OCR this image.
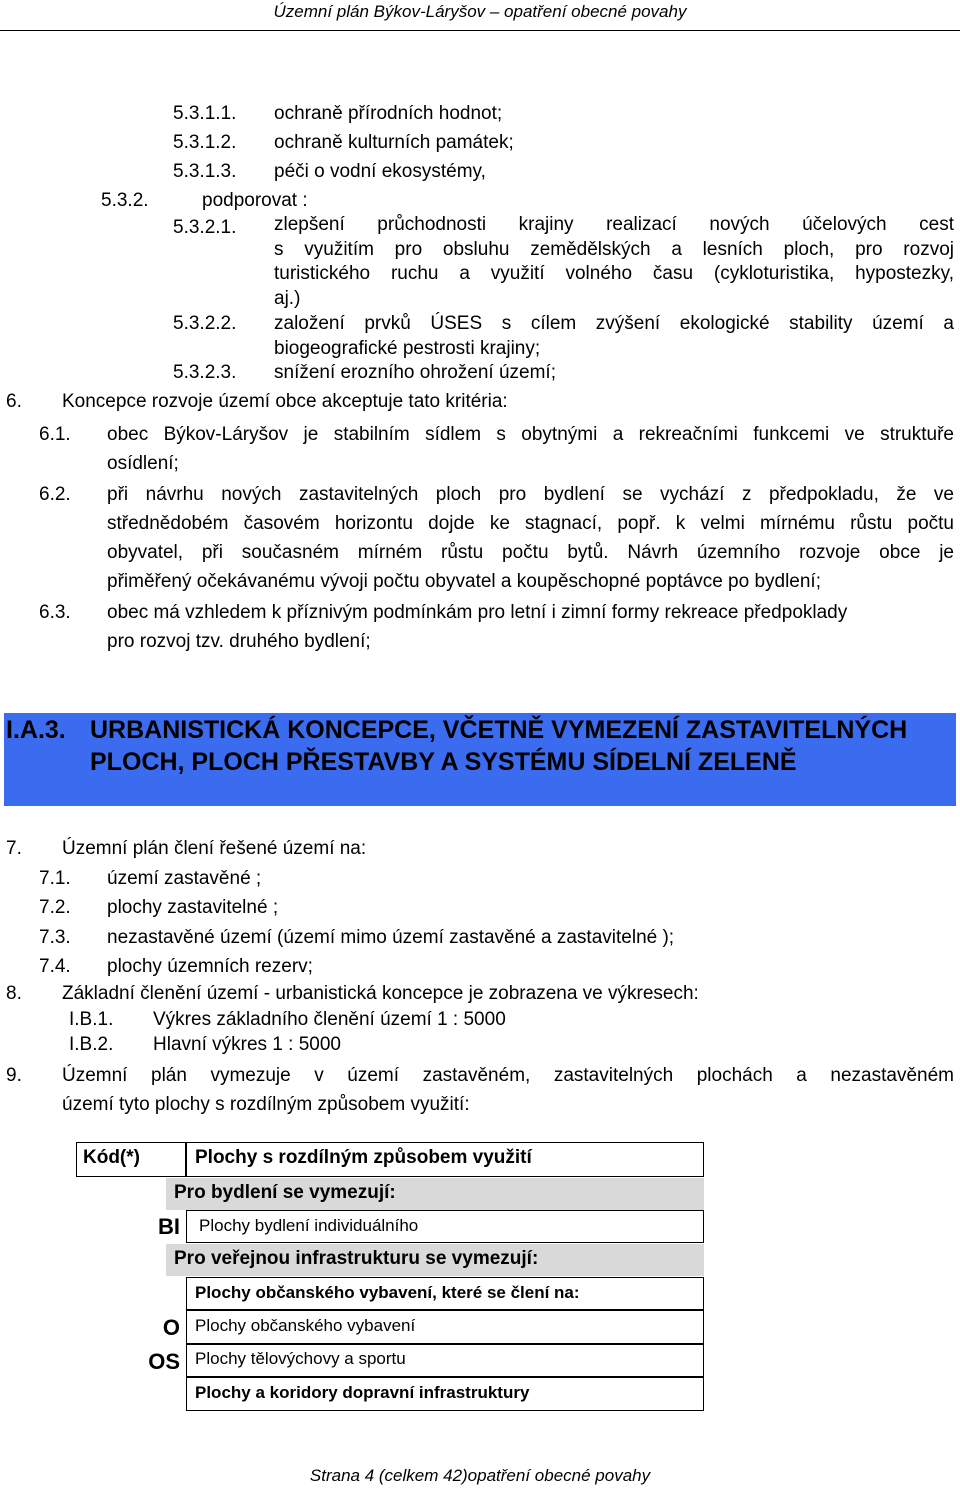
Územní plán Býkov-Láryšov – opatření obecné povahy
5.3.1.1. ochraně přírodních hodnot;
5.3.1.2. ochraně kulturních památek;
5.3.1.3. péči o vodní ekosystémy,
5.3.2.	podporovat :
5.3.2.1. zlepšení průchodnosti krajiny realizací nových účelových cest
s využitím pro obsluhu zemědělských a lesních ploch, pro rozvoj
turistického ruchu a využití volného času (cykloturistika, hypostezky,
aj.)
5.3.2.2. založení prvků ÚSES s cílem zvýšení ekologické stability území a
biogeografické pestrosti krajiny;
5.3.2.3. snížení erozního ohrožení území;
6. Koncepce rozvoje území obce akceptuje tato kritéria:
6.1. obec Býkov-Láryšov je stabilním sídlem s obytnými a rekreačními funkcemi ve struktuře
osídlení;
6.2. při návrhu nových zastavitelných ploch pro bydlení se vychází z předpokladu, že ve
střednědobém časovém horizontu dojde ke stagnací, popř. k velmi mírnému růstu počtu
obyvatel, při současném mírném růstu počtu bytů. Návrh územního rozvoje obce je
přiměřený očekávanému vývoji počtu obyvatel a koupěschopné poptávce po bydlení;
6.3. obec má vzhledem k příznivým podmínkám pro letní i zimní formy rekreace předpoklady
pro rozvoj tzv. druhého bydlení;
I.A.3. URBANISTICKÁ KONCEPCE, VČETNĚ VYMEZENÍ ZASTAVITELNÝCH PLOCH, PLOCH PŘESTAVBY A SYSTÉMU SÍDELNÍ ZELENĚ
7. Územní plán člení řešené území na:
7.1. území zastavěné ;
7.2. plochy zastavitelné ;
7.3. nezastavěné území (území mimo území zastavěné a zastavitelné );
7.4. plochy územních rezerv;
8. Základní členění území - urbanistická koncepce je zobrazena ve výkresech:
I.B.1. Výkres základního členění území 1 : 5000
I.B.2. Hlavní výkres 1 : 5000
9. Územní plán vymezuje v území zastavěném, zastavitelných plochách a nezastavěném
území tyto plochy s rozdílným způsobem využití:
Kód(*)	Plochy s rozdílným způsobem využití
Pro bydlení se vymezují:
BI Plochy bydlení individuálního
Pro veřejnou infrastrukturu se vymezují:
Plochy občanského vybavení, které se člení na:
O Plochy občanského vybavení
OS Plochy tělovýchovy a sportu
Plochy a koridory dopravní infrastruktury
Strana 4 (celkem 42)opatření obecné povahy
